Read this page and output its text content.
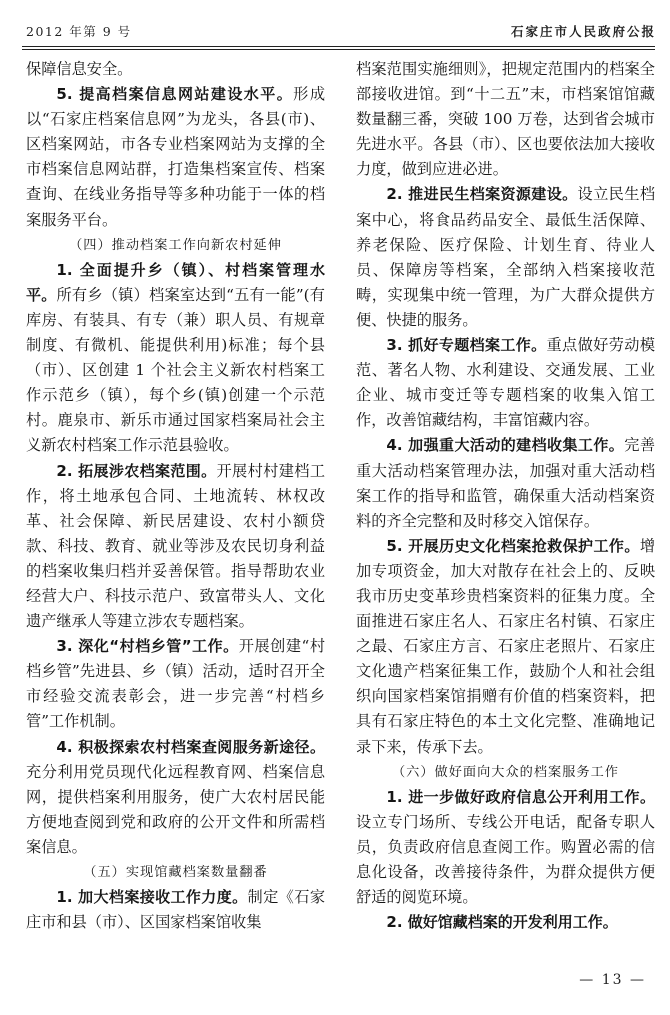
2012 年第 9 号	石家庄市人民政府公报

保障信息安全。

5. 提高档案信息网站建设水平。形成以“石家庄档案信息网”为龙头，各县(市)、区档案网站，市各专业档案网站为支撑的全市档案信息网站群，打造集档案宣传、档案查询、在线业务指导等多种功能于一体的档案服务平台。

（四）推动档案工作向新农村延伸

1. 全面提升乡（镇）、村档案管理水平。所有乡（镇）档案室达到“五有一能”(有库房、有装具、有专（兼）职人员、有规章制度、有微机、能提供利用)标准；每个县（市）、区创建 1 个社会主义新农村档案工作示范乡（镇），每个乡(镇)创建一个示范村。鹿泉市、新乐市通过国家档案局社会主义新农村档案工作示范县验收。

2. 拓展涉农档案范围。开展村村建档工作，将土地承包合同、土地流转、林权改革、社会保障、新民居建设、农村小额贷款、科技、教育、就业等涉及农民切身利益的档案收集归档并妥善保管。指导帮助农业经营大户、科技示范户、致富带头人、文化遗产继承人等建立涉农专题档案。

3. 深化“村档乡管”工作。开展创建“村档乡管”先进县、乡（镇）活动，适时召开全市经验交流表彰会，进一步完善“村档乡管”工作机制。

4. 积极探索农村档案查阅服务新途径。充分利用党员现代化远程教育网、档案信息网，提供档案利用服务，使广大农村居民能方便地查阅到党和政府的公开文件和所需档案信息。

（五）实现馆藏档案数量翻番

1. 加大档案接收工作力度。制定《石家庄市和县（市）、区国家档案馆收集

档案范围实施细则》，把规定范围内的档案全部接收进馆。到“十二五”末，市档案馆馆藏数量翻三番，突破 100 万卷，达到省会城市先进水平。各县（市）、区也要依法加大接收力度，做到应进必进。

2. 推进民生档案资源建设。设立民生档案中心，将食品药品安全、最低生活保障、养老保险、医疗保险、计划生育、待业人员、保障房等档案，全部纳入档案接收范畴，实现集中统一管理，为广大群众提供方便、快捷的服务。

3. 抓好专题档案工作。重点做好劳动模范、著名人物、水利建设、交通发展、工业企业、城市变迁等专题档案的收集入馆工作，改善馆藏结构，丰富馆藏内容。

4. 加强重大活动的建档收集工作。完善重大活动档案管理办法，加强对重大活动档案工作的指导和监管，确保重大活动档案资料的齐全完整和及时移交入馆保存。

5. 开展历史文化档案抢救保护工作。增加专项资金，加大对散存在社会上的、反映我市历史变革珍贵档案资料的征集力度。全面推进石家庄名人、石家庄名村镇、石家庄之最、石家庄方言、石家庄老照片、石家庄文化遗产档案征集工作，鼓励个人和社会组织向国家档案馆捐赠有价值的档案资料，把具有石家庄特色的本土文化完整、准确地记录下来，传承下去。

（六）做好面向大众的档案服务工作

1. 进一步做好政府信息公开利用工作。设立专门场所、专线公开电话，配备专职人员，负责政府信息查阅工作。购置必需的信息化设备，改善接待条件，为群众提供方便舒适的阅览环境。

2. 做好馆藏档案的开发利用工作。

— 13 —
